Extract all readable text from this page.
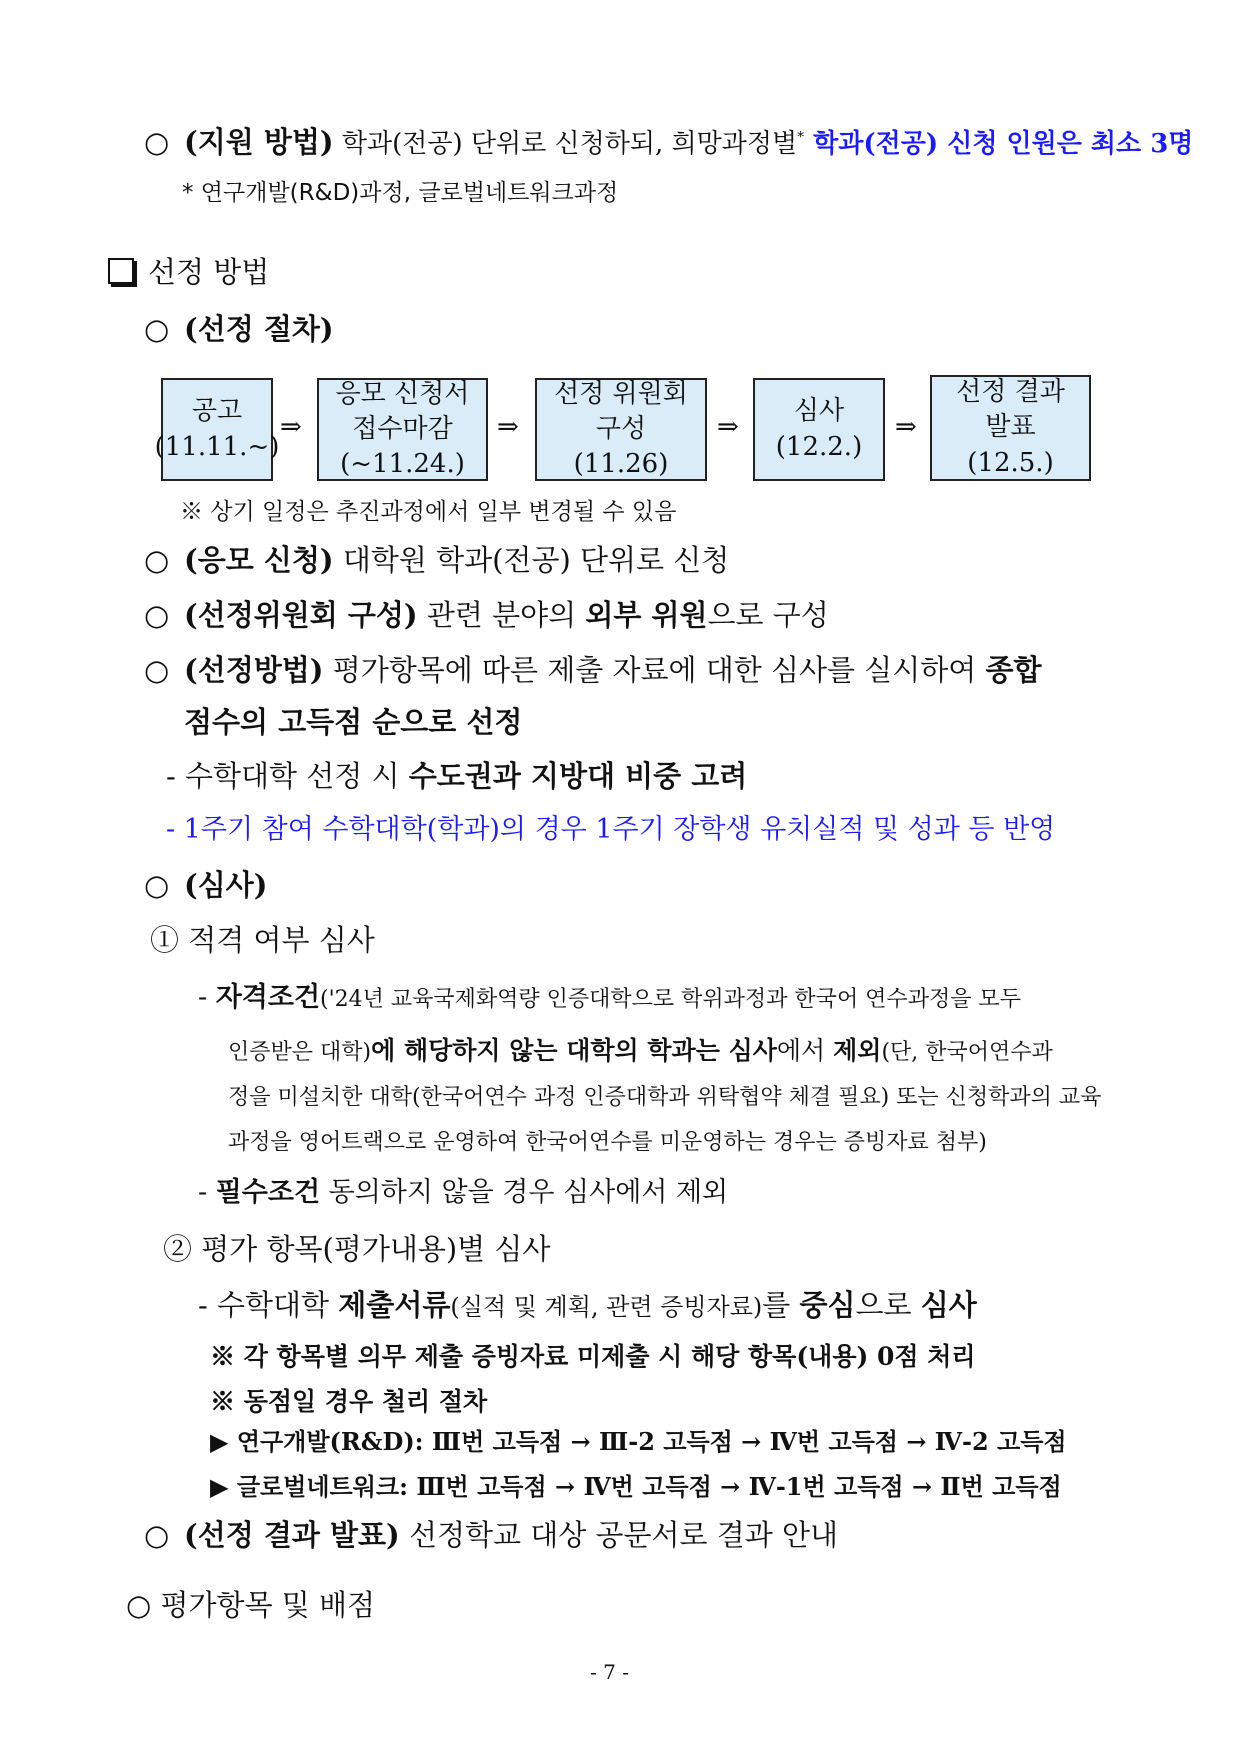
○ (지원 방법) 학과(전공) 단위로 신청하되, 희망과정별* 학과(전공) 신청 인원은 최소 3명
* 연구개발(R&D)과정, 글로벌네트워크과정
선정 방법
○ (선정 절차)
공고
(11.11.~)
⇒
응모 신청서
접수마감
(~11.24.)
⇒
선정 위원회
구성
(11.26)
⇒
심사
(12.2.)
⇒
선정 결과
발표
(12.5.)
※ 상기 일정은 추진과정에서 일부 변경될 수 있음
○ (응모 신청) 대학원 학과(전공) 단위로 신청
○ (선정위원회 구성) 관련 분야의 외부 위원으로 구성
○ (선정방법) 평가항목에 따른 제출 자료에 대한 심사를 실시하여 종합
점수의 고득점 순으로 선정
- 수학대학 선정 시 수도권과 지방대 비중 고려
- 1주기 참여 수학대학(학과)의 경우 1주기 장학생 유치실적 및 성과 등 반영
○ (심사)
① 적격 여부 심사
- 자격조건('24년 교육국제화역량 인증대학으로 학위과정과 한국어 연수과정을 모두
인증받은 대학)에 해당하지 않는 대학의 학과는 심사에서 제외(단, 한국어연수과
정을 미설치한 대학(한국어연수 과정 인증대학과 위탁협약 체결 필요) 또는 신청학과의 교육
과정을 영어트랙으로 운영하여 한국어연수를 미운영하는 경우는 증빙자료 첨부)
- 필수조건 동의하지 않을 경우 심사에서 제외
② 평가 항목(평가내용)별 심사
- 수학대학 제출서류(실적 및 계획, 관련 증빙자료)를 중심으로 심사
※ 각 항목별 의무 제출 증빙자료 미제출 시 해당 항목(내용) 0점 처리
※ 동점일 경우 철리 절차
▶ 연구개발(R&D): Ⅲ번 고득점 → Ⅲ-2 고득점 → Ⅳ번 고득점 → Ⅳ-2 고득점
▶ 글로벌네트워크: Ⅲ번 고득점 → Ⅳ번 고득점 → Ⅳ-1번 고득점 → Ⅱ번 고득점
○ (선정 결과 발표) 선정학교 대상 공문서로 결과 안내
○ 평가항목 및 배점
- 7 -
